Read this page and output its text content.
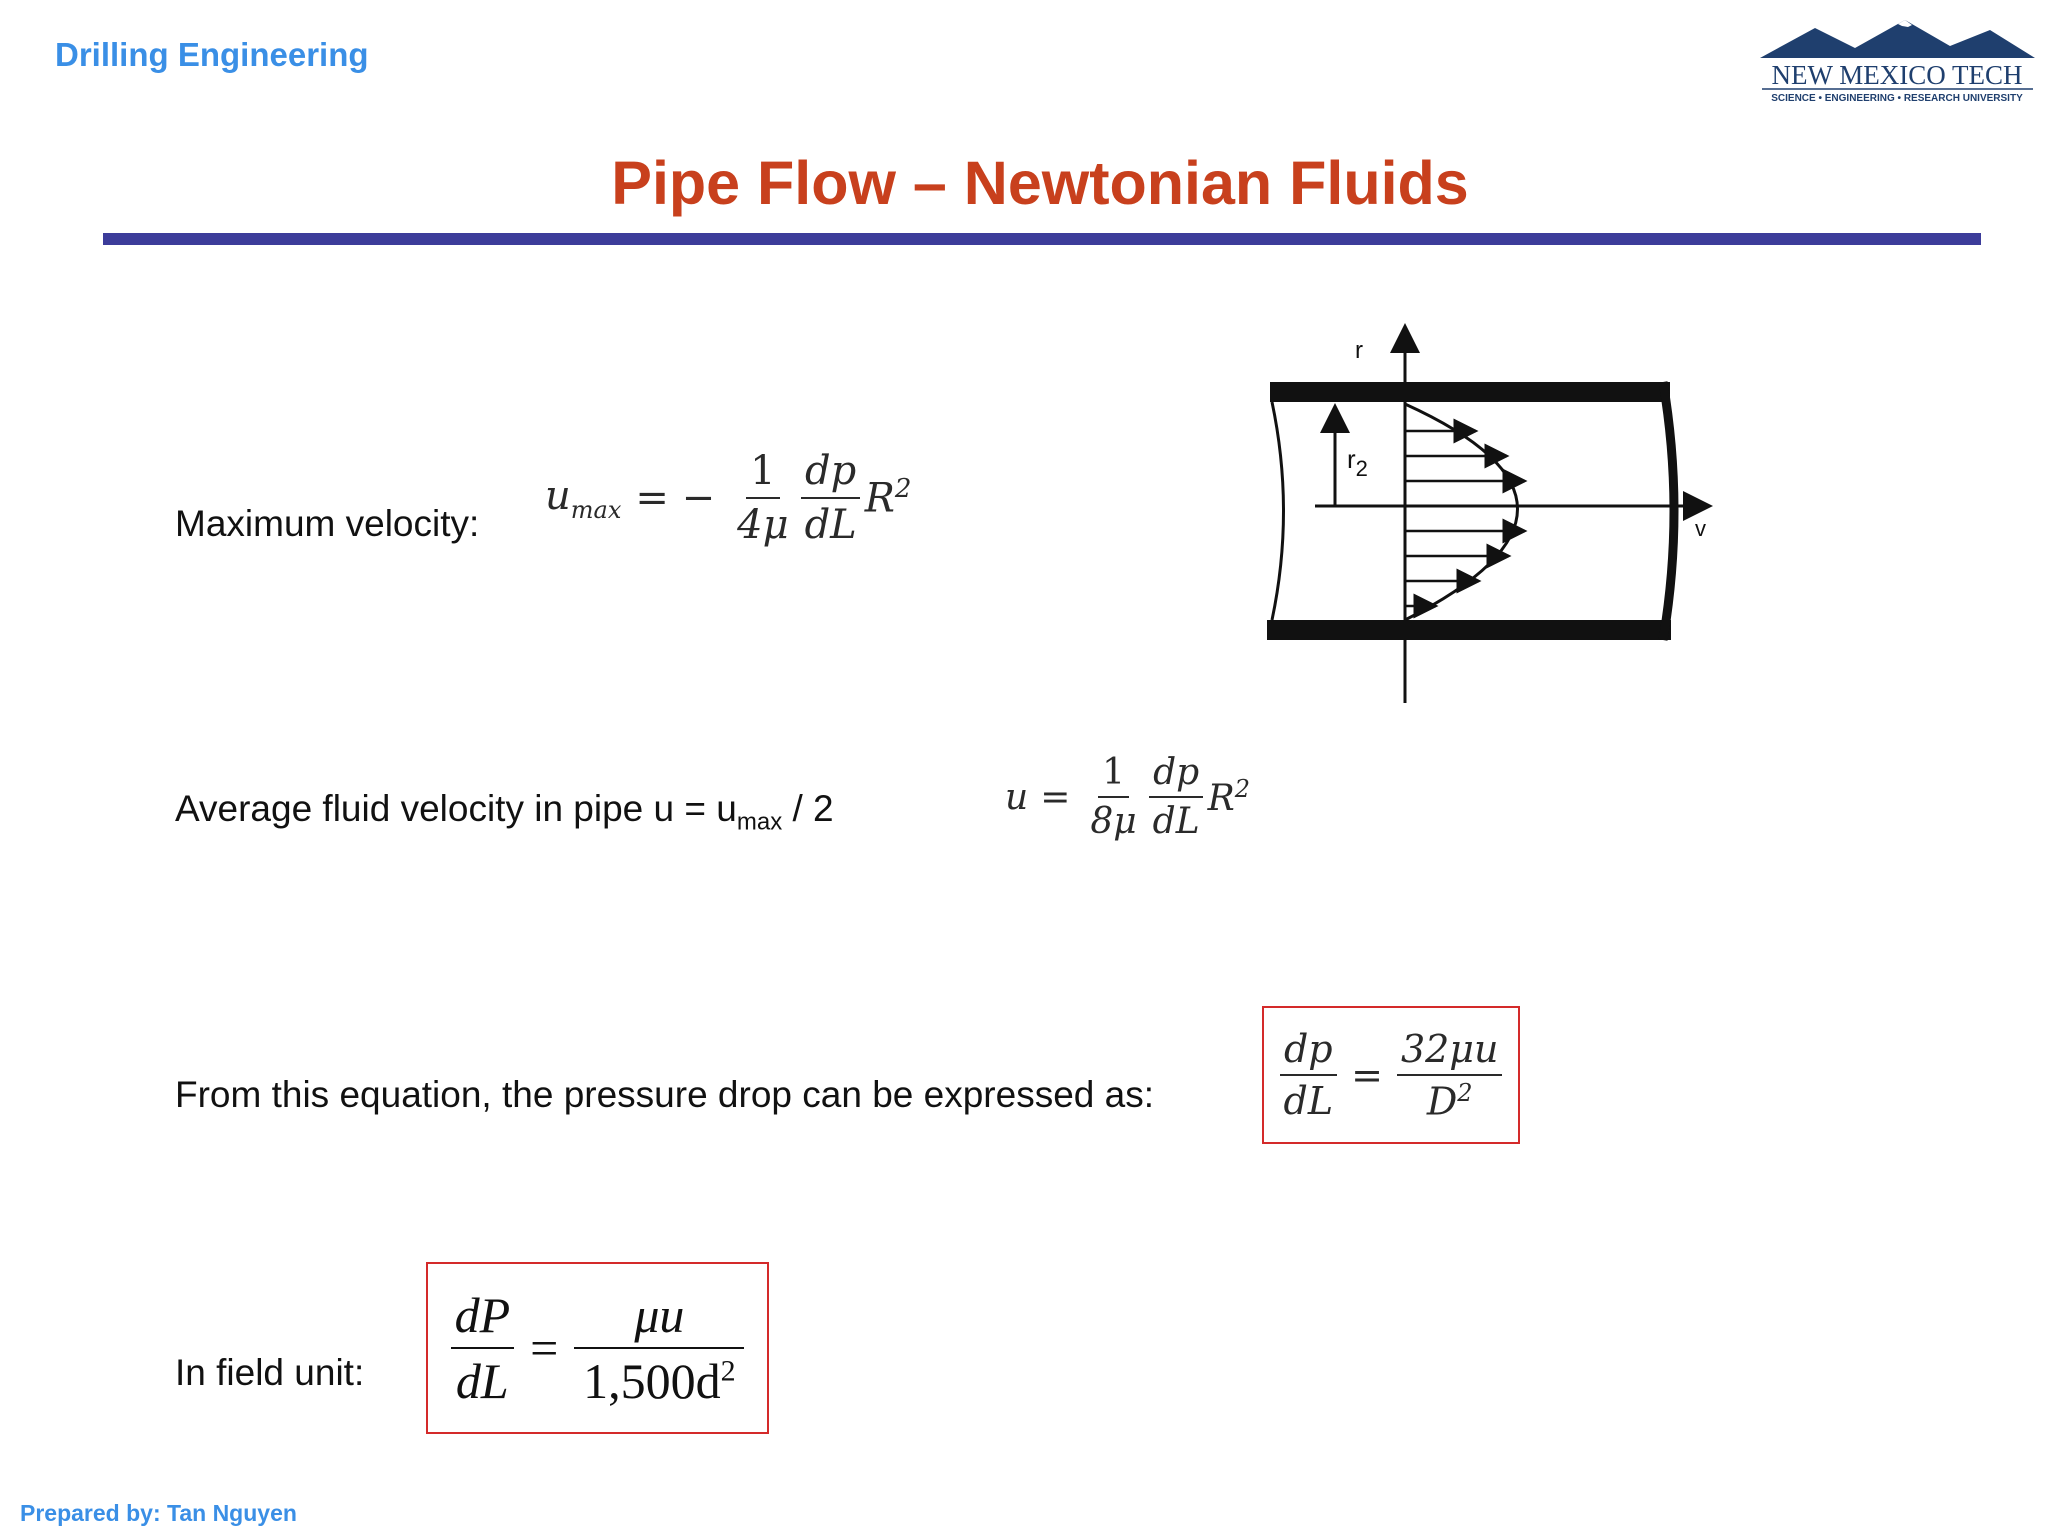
Drilling Engineering
NEW MEXICO TECH
SCIENCE • ENGINEERING • RESEARCH UNIVERSITY
Pipe Flow – Newtonian Fluids
Maximum velocity:
$u_{max}$ = − $\frac{1}{4\mu} \frac{dp}{dL} R^2$
r
v
$r_2$
Average fluid velocity in pipe $u = u_{max} / 2$	$u = \frac{1}{8\mu} \frac{dp}{dL} R^2$
From this equation, the pressure drop can be expressed as:	$\frac{dp}{dL} = \frac{32\mu u}{D^2}$
In field unit: $\frac{dP}{dL} = \frac{\mu u}{1,500d^2}$
Prepared by: Tan Nguyen
